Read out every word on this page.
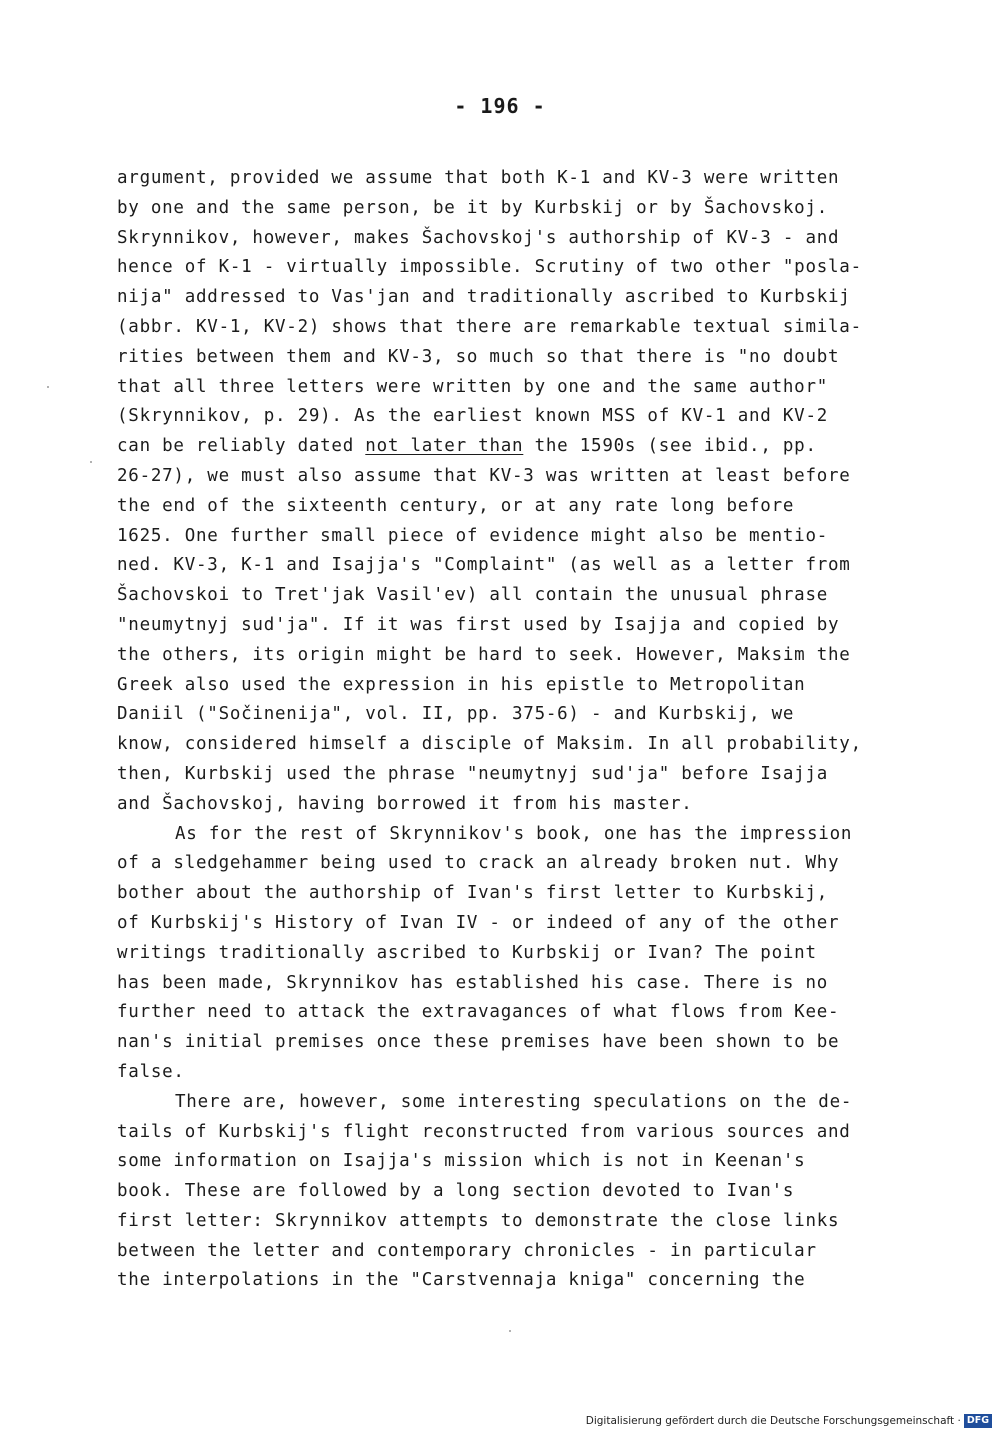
- 196 -
argument, provided we assume that both K-1 and KV-3 were written
by one and the same person, be it by Kurbskij or by Šachovskoj.
Skrynnikov, however, makes Šachovskoj's authorship of KV-3 - and
hence of K-1 - virtually impossible. Scrutiny of two other "posla-
nija" addressed to Vas'jan and traditionally ascribed to Kurbskij
(abbr. KV-1, KV-2) shows that there are remarkable textual simila-
rities between them and KV-3, so much so that there is "no doubt
that all three letters were written by one and the same author"
(Skrynnikov, p. 29). As the earliest known MSS of KV-1 and KV-2
can be reliably dated not later than the 1590s (see ibid., pp.
26-27), we must also assume that KV-3 was written at least before
the end of the sixteenth century, or at any rate long before
1625. One further small piece of evidence might also be mentio-
ned. KV-3, K-1 and Isajja's "Complaint" (as well as a letter from
Šachovskoi to Tret'jak Vasil'ev) all contain the unusual phrase
"neumytnyj sud'ja". If it was first used by Isajja and copied by
the others, its origin might be hard to seek. However, Maksim the
Greek also used the expression in his epistle to Metropolitan
Daniil ("Sočinenija", vol. II, pp. 375-6) - and Kurbskij, we
know, considered himself a disciple of Maksim. In all probability,
then, Kurbskij used the phrase "neumytnyj sud'ja" before Isajja
and Šachovskoj, having borrowed it from his master.
As for the rest of Skrynnikov's book, one has the impression
of a sledgehammer being used to crack an already broken nut. Why
bother about the authorship of Ivan's first letter to Kurbskij,
of Kurbskij's History of Ivan IV - or indeed of any of the other
writings traditionally ascribed to Kurbskij or Ivan? The point
has been made, Skrynnikov has established his case. There is no
further need to attack the extravagances of what flows from Kee-
nan's initial premises once these premises have been shown to be
false.
There are, however, some interesting speculations on the de-
tails of Kurbskij's flight reconstructed from various sources and
some information on Isajja's mission which is not in Keenan's
book. These are followed by a long section devoted to Ivan's
first letter: Skrynnikov attempts to demonstrate the close links
between the letter and contemporary chronicles - in particular
the interpolations in the "Carstvennaja kniga" concerning the
Digitalisierung gefördert durch die Deutsche Forschungsgemeinschaft · DFG
